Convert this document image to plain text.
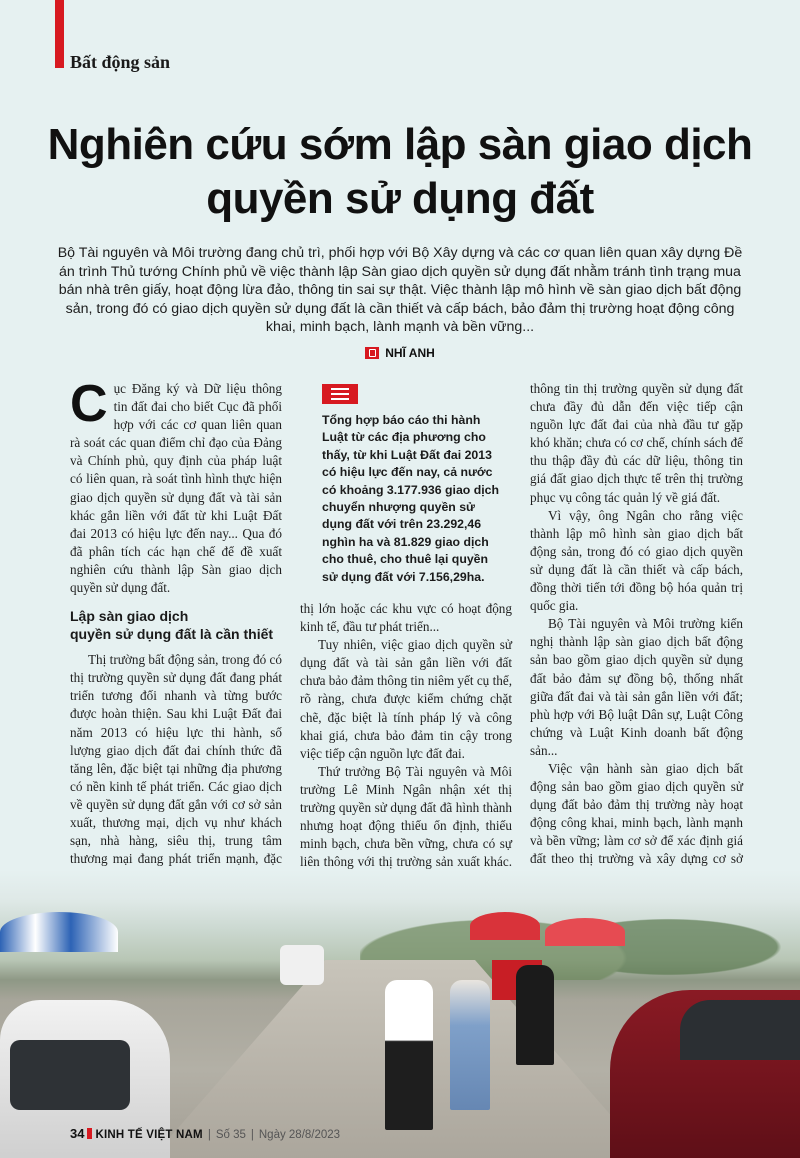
Bất động sản
Nghiên cứu sớm lập sàn giao dịch
quyền sử dụng đất
Bộ Tài nguyên và Môi trường đang chủ trì, phối hợp với Bộ Xây dựng và các cơ quan liên quan xây dựng Đề án trình Thủ tướng Chính phủ về việc thành lập Sàn giao dịch quyền sử dụng đất nhằm tránh tình trạng mua bán nhà trên giấy, hoạt động lừa đảo, thông tin sai sự thật. Việc thành lập mô hình về sàn giao dịch bất động sản, trong đó có giao dịch quyền sử dụng đất là cần thiết và cấp bách, bảo đảm thị trường hoạt động công khai, minh bạch, lành mạnh và bền vững...
NHĨ ANH
C ục Đăng ký và Dữ liệu thông tin đất đai cho biết Cục đã phối hợp với các cơ quan liên quan rà soát các quan điểm chỉ đạo của Đảng và Chính phủ, quy định của pháp luật có liên quan, rà soát tình hình thực hiện giao dịch quyền sử dụng đất và tài sản khác gắn liền với đất từ khi Luật Đất đai 2013 có hiệu lực đến nay... Qua đó đã phân tích các hạn chế để đề xuất nghiên cứu thành lập Sàn giao dịch quyền sử dụng đất.

Lập sàn giao dịch
quyền sử dụng đất là cần thiết

Thị trường bất động sản, trong đó có thị trường quyền sử dụng đất đang phát triển tương đối nhanh và từng bước được hoàn thiện. Sau khi Luật Đất đai năm 2013 có hiệu lực thi hành, số lượng giao dịch đất đai chính thức đã tăng lên, đặc biệt tại những địa phương có nền kinh tế phát triển. Các giao dịch về quyền sử dụng đất gắn với cơ sở sản xuất, thương mại, dịch vụ như khách sạn, nhà hàng, siêu thị, trung tâm thương mại đang phát triển mạnh, đặc

Tổng hợp báo cáo thi hành Luật từ các địa phương cho thấy, từ khi Luật Đất đai 2013 có hiệu lực đến nay, cả nước có khoảng 3.177.936 giao dịch chuyển nhượng quyền sử dụng đất với trên 23.292,46 nghìn ha và 81.829 giao dịch cho thuê, cho thuê lại quyền sử dụng đất với 7.156,29ha.

thị lớn hoặc các khu vực có hoạt động kinh tế, đầu tư phát triển...

Tuy nhiên, việc giao dịch quyền sử dụng đất và tài sản gắn liền với đất chưa bảo đảm thông tin niêm yết cụ thể, rõ ràng, chưa được kiểm chứng chặt chẽ, đặc biệt là tính pháp lý và công khai giá, chưa bảo đảm tin cậy trong việc tiếp cận nguồn lực đất đai.

Thứ trưởng Bộ Tài nguyên và Môi trường Lê Minh Ngân nhận xét thị trường quyền sử dụng đất đã hình thành nhưng hoạt động thiếu ổn định, thiếu minh bạch, chưa bền vững, chưa có sự liên thông với thị trường sản xuất khác.

thông tin thị trường quyền sử dụng đất chưa đầy đủ dẫn đến việc tiếp cận nguồn lực đất đai của nhà đầu tư gặp khó khăn; chưa có cơ chế, chính sách để thu thập đầy đủ các dữ liệu, thông tin giá đất giao dịch thực tế trên thị trường phục vụ công tác quản lý về giá đất.

Vì vậy, ông Ngân cho rằng việc thành lập mô hình sàn giao dịch bất động sản, trong đó có giao dịch quyền sử dụng đất là cần thiết và cấp bách, đồng thời tiến tới đồng bộ hóa quản trị quốc gia.

Bộ Tài nguyên và Môi trường kiến nghị thành lập sàn giao dịch bất động sản bao gồm giao dịch quyền sử dụng đất bảo đảm sự đồng bộ, thống nhất giữa đất đai và tài sản gắn liền với đất; phù hợp với Bộ luật Dân sự, Luật Công chứng và Luật Kinh doanh bất động sản...

Việc vận hành sàn giao dịch bất động sản bao gồm giao dịch quyền sử dụng đất bảo đảm thị trường này hoạt động công khai, minh bạch, lành mạnh và bền vững; làm cơ sở để xác định giá đất theo thị trường và xây dựng cơ sở

34 KINH TẾ VIỆT NAM | Số 35 | Ngày 28/8/2023
